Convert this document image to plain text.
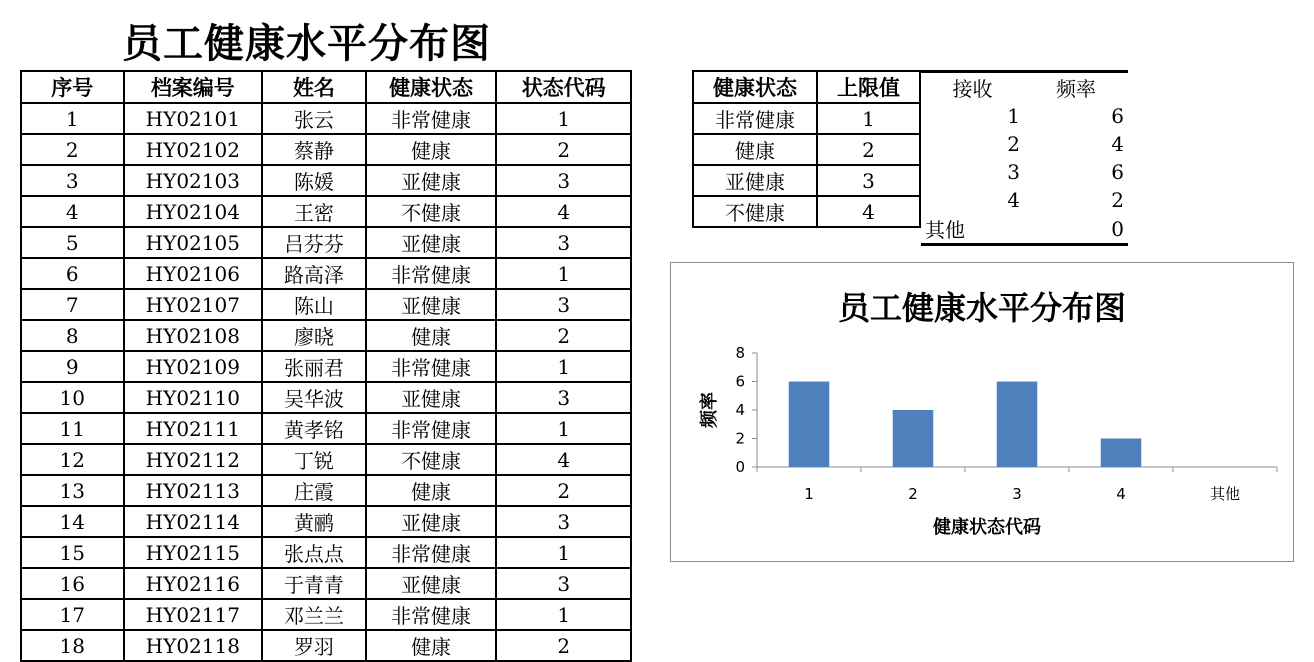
员工健康水平分布图
序号	档案编号	姓名	健康状态	状态代码
1	HY02101	张云	非常健康	1
2	HY02102	蔡静	健康	2
3	HY02103	陈媛	亚健康	3
4	HY02104	王密	不健康	4
5	HY02105	吕芬芬	亚健康	3
6	HY02106	路高泽	非常健康	1
7	HY02107	陈山	亚健康	3
8	HY02108	廖晓	健康	2
9	HY02109	张丽君	非常健康	1
10	HY02110	吴华波	亚健康	3
11	HY02111	黄孝铭	非常健康	1
12	HY02112	丁锐	不健康	4
13	HY02113	庄霞	健康	2
14	HY02114	黄鹂	亚健康	3
15	HY02115	张点点	非常健康	1
16	HY02116	于青青	亚健康	3
17	HY02117	邓兰兰	非常健康	1
18	HY02118	罗羽	健康	2
健康状态	上限值
非常健康	1
健康	2
亚健康	3
不健康	4
接收	频率
1	6
2	4
3	6
4	2
其他	0
0
2
4
6
8
1	2	3	4	其他
健康状态代码
频率
员工健康水平分布图
